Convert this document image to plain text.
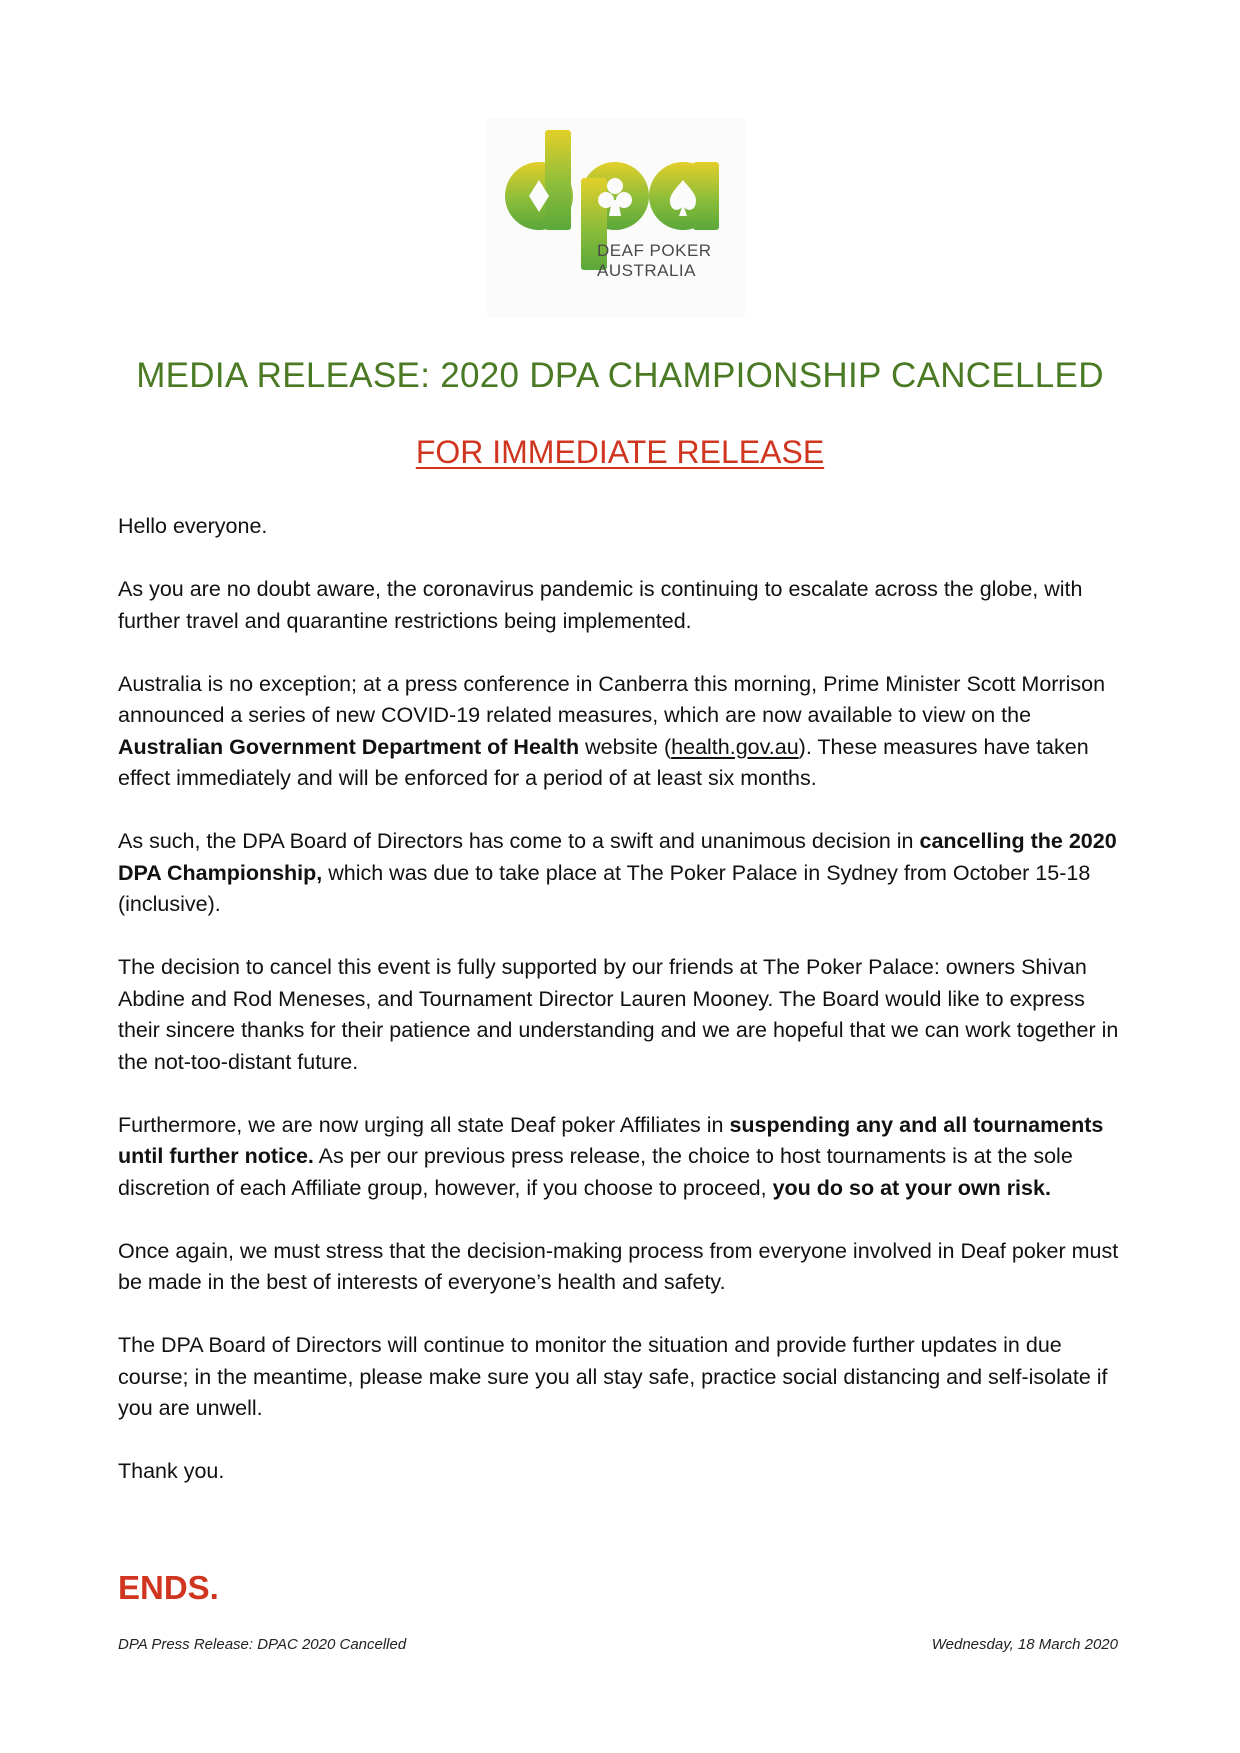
DEAF POKER
AUSTRALIA
MEDIA RELEASE: 2020 DPA CHAMPIONSHIP CANCELLED
FOR IMMEDIATE RELEASE

Hello everyone.

As you are no doubt aware, the coronavirus pandemic is continuing to escalate across the globe, with further travel and quarantine restrictions being implemented.

Australia is no exception; at a press conference in Canberra this morning, Prime Minister Scott Morrison announced a series of new COVID-19 related measures, which are now available to view on the Australian Government Department of Health website (health.gov.au). These measures have taken effect immediately and will be enforced for a period of at least six months.

As such, the DPA Board of Directors has come to a swift and unanimous decision in cancelling the 2020 DPA Championship, which was due to take place at The Poker Palace in Sydney from October 15-18 (inclusive).

The decision to cancel this event is fully supported by our friends at The Poker Palace: owners Shivan Abdine and Rod Meneses, and Tournament Director Lauren Mooney. The Board would like to express their sincere thanks for their patience and understanding and we are hopeful that we can work together in the not-too-distant future.

Furthermore, we are now urging all state Deaf poker Affiliates in suspending any and all tournaments until further notice. As per our previous press release, the choice to host tournaments is at the sole discretion of each Affiliate group, however, if you choose to proceed, you do so at your own risk.

Once again, we must stress that the decision-making process from everyone involved in Deaf poker must be made in the best of interests of everyone’s health and safety.

The DPA Board of Directors will continue to monitor the situation and provide further updates in due course; in the meantime, please make sure you all stay safe, practice social distancing and self-isolate if you are unwell.

Thank you.

ENDS.
DPA Press Release: DPAC 2020 Cancelled	Wednesday, 18 March 2020
